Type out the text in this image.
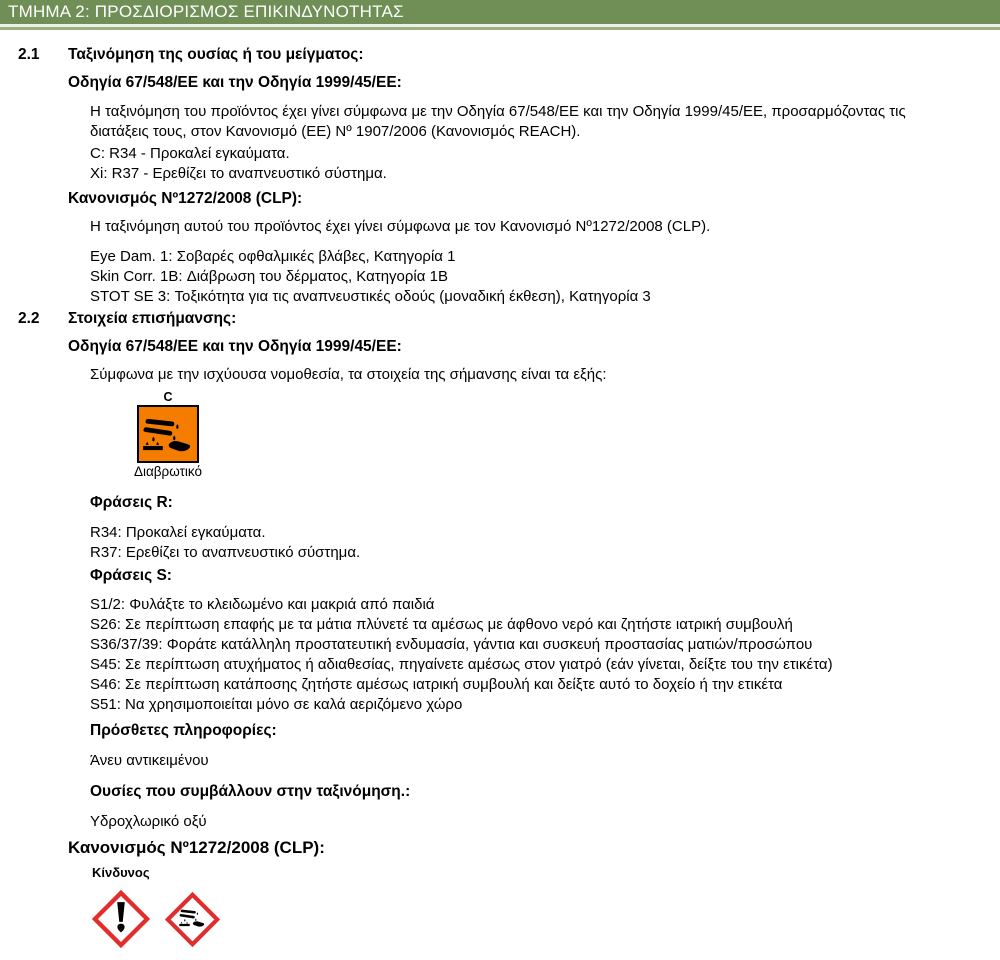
ΤΜΗΜΑ 2: ΠΡΟΣΔΙΟΡΙΣΜΟΣ ΕΠΙΚΙΝΔΥΝΟΤΗΤΑΣ
2.1	Ταξινόμηση της ουσίας ή του μείγματος:
Οδηγία 67/548/ΕΕ και την Οδηγία 1999/45/ΕΕ:
Η ταξινόμηση του προϊόντος έχει γίνει σύμφωνα με την Οδηγία 67/548/ΕΕ και την Οδηγία 1999/45/ΕΕ, προσαρμόζοντας τις διατάξεις τους, στον Κανονισμό (ΕΕ) Nº 1907/2006 (Κανονισμός REACH).
C: R34 - Προκαλεί εγκαύματα.
Xi: R37 - Ερεθίζει το αναπνευστικό σύστημα.
Κανονισμός Nº1272/2008 (CLP):
Η ταξινόμηση αυτού του προϊόντος έχει γίνει σύμφωνα με τον Κανονισμό Nº1272/2008 (CLP).
Eye Dam. 1: Σοβαρές οφθαλμικές βλάβες, Κατηγορία 1
Skin Corr. 1B: Διάβρωση του δέρματος, Κατηγορία 1B
STOT SE 3: Τοξικότητα για τις αναπνευστικές οδούς (μοναδική έκθεση), Κατηγορία 3
2.2	Στοιχεία επισήμανσης:
Οδηγία 67/548/ΕΕ και την Οδηγία 1999/45/ΕΕ:
Σύμφωνα με την ισχύουσα νομοθεσία, τα στοιχεία της σήμανσης είναι τα εξής:
C
Διαβρωτικό
Φράσεις R:
R34: Προκαλεί εγκαύματα.
R37: Ερεθίζει το αναπνευστικό σύστημα.
Φράσεις S:
S1/2: Φυλάξτε το κλειδωμένο και μακριά από παιδιά
S26: Σε περίπτωση επαφής με τα μάτια πλύνετέ τα αμέσως με άφθονο νερό και ζητήστε ιατρική συμβουλή
S36/37/39: Φοράτε κατάλληλη προστατευτική ενδυμασία, γάντια και συσκευή προστασίας ματιών/προσώπου
S45: Σε περίπτωση ατυχήματος ή αδιαθεσίας, πηγαίνετε αμέσως στον γιατρό (εάν γίνεται, δείξτε του την ετικέτα)
S46: Σε περίπτωση κατάποσης ζητήστε αμέσως ιατρική συμβουλή και δείξτε αυτό το δοχείο ή την ετικέτα
S51: Να χρησιμοποιείται μόνο σε καλά αεριζόμενο χώρο
Πρόσθετες πληροφορίες:
Άνευ αντικειμένου
Ουσίες που συμβάλλουν στην ταξινόμηση.:
Υδροχλωρικό οξύ
Κανονισμός Nº1272/2008 (CLP):
Κίνδυνος
